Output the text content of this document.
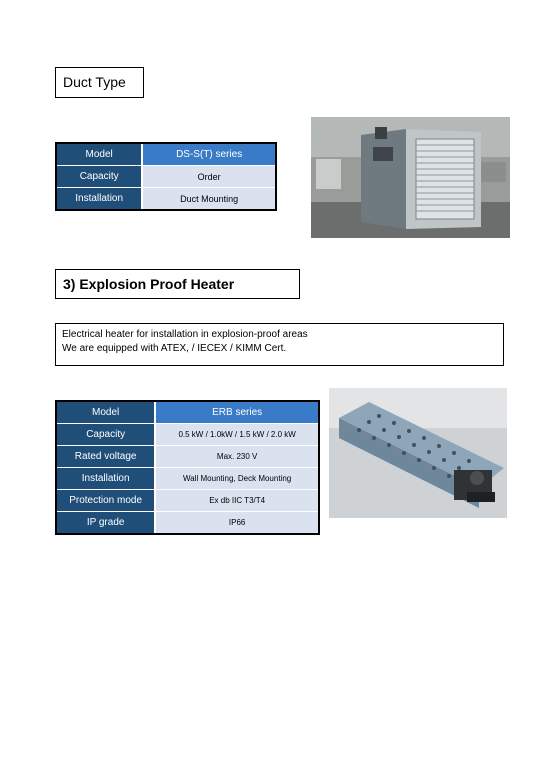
Duct Type
Model	DS-S(T) series
Capacity	Order
Installation	Duct Mounting
3) Explosion Proof Heater
Electrical heater for installation in explosion-proof areas
We are equipped with ATEX, / IECEX / KIMM Cert.
Model	ERB series
Capacity	0.5 kW / 1.0kW / 1.5 kW / 2.0 kW
Rated voltage	Max. 230 V
Installation	Wall Mounting, Deck Mounting
Protection mode	Ex db IIC T3/T4
IP grade	IP66
